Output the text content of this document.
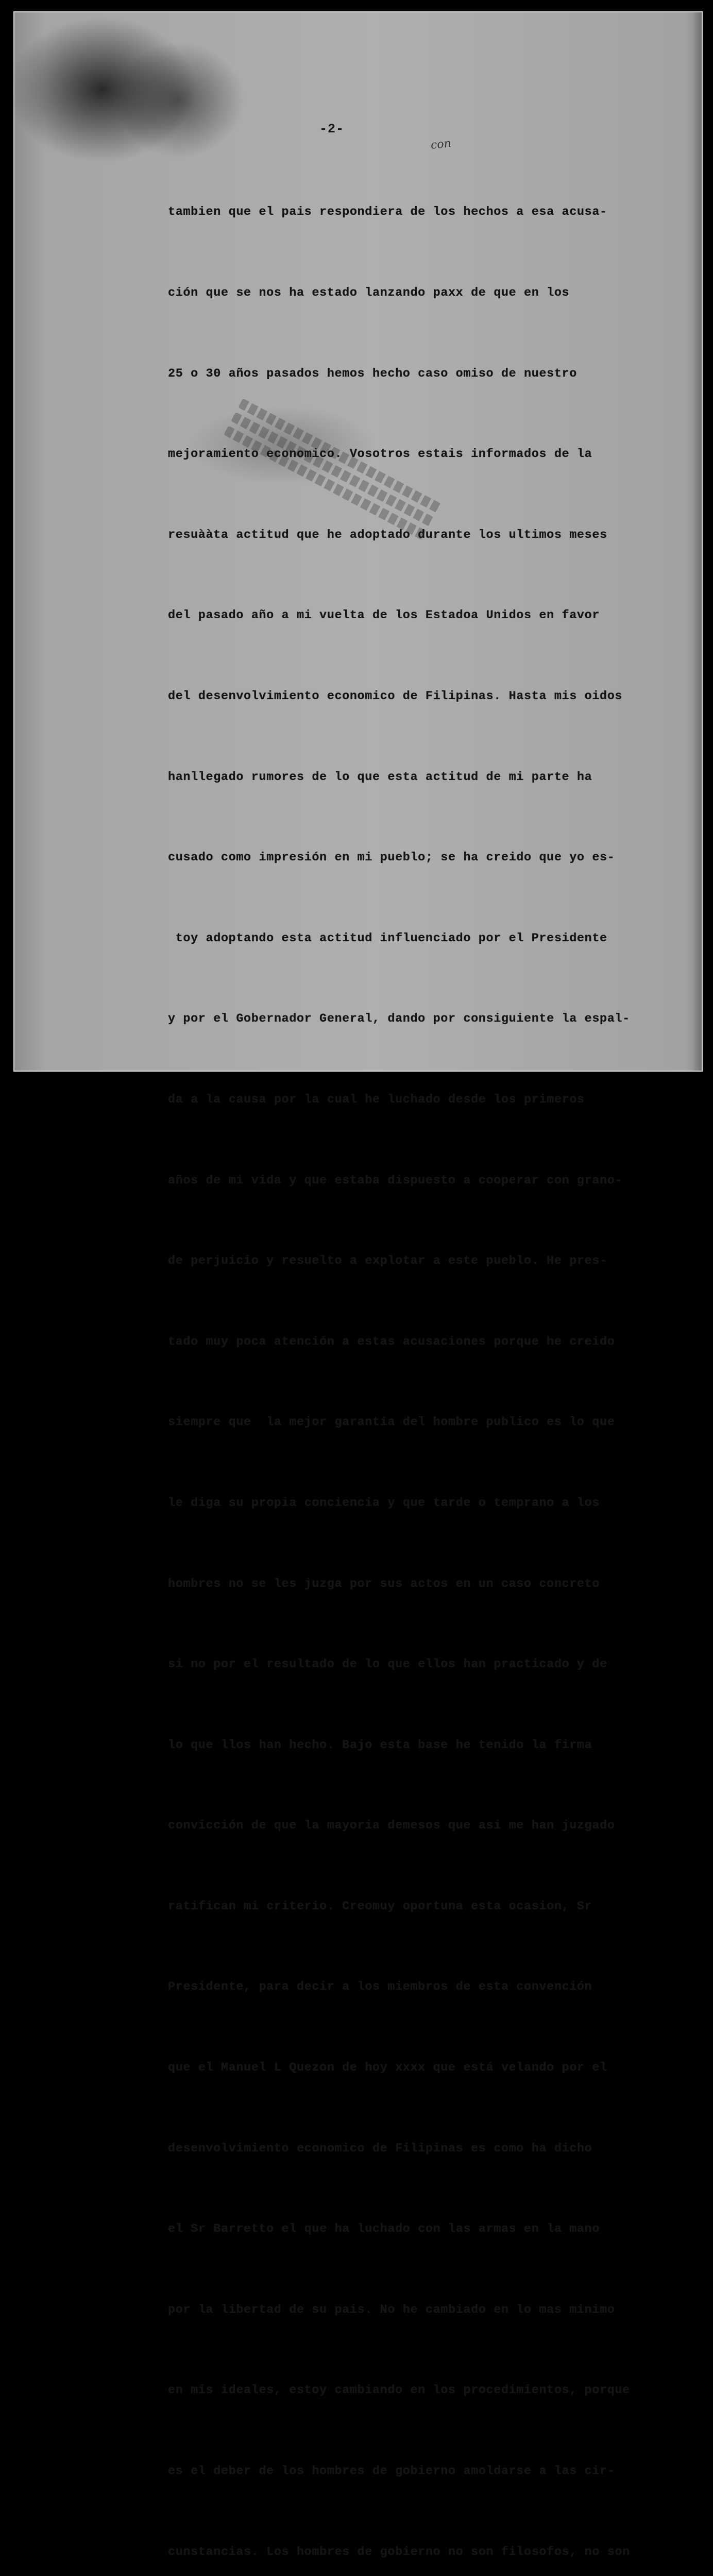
-2-
con

tambien que el pais respondiera de los hechos a esa acusa-

ción que se nos ha estado lanzando paxx de que en los

25 o 30 años pasados hemos hecho caso omiso de nuestro

mejoramiento economico. Vosotros estais informados de la

resuààta actitud que he adoptado durante los ultimos meses

del pasado año a mi vuelta de los Estadoa Unidos en favor

del desenvolvimiento economico de Filipinas. Hasta mis oidos

hanllegado rumores de lo que esta actitud de mi parte ha

cusado como impresión en mi pueblo; se ha creido que yo es-

toy adoptando esta actitud influenciado por el Presidente

y por el Gobernador General, dando por consiguiente la espal-

da a la causa por la cual he luchado desde los primeros

años de mi vida y que estaba dispuesto a cooperar con grano-

de perjuicio y resuelto a explotar a este pueblo. He pres-

tado muy poca atención a estas acusaciones porque he creido

siempre que  la mejor garantía del hombre publico es lo que

le diga su propia conciencia y que tarde o temprano a los

hombres no se les juzga por sus actos en un caso concreto

si no por el resultado de lo que ellos han practicado y de

lo que llos han hecho. Bajo esta base he tenido la firma

convicción de que la mayoria demesos que asi me han juzgado

ratifican mi criterio. Creomuy oportuna esta ocasion, Sr

Presidente, para decir a los miembros de esta convención

que el Manuel L Quezon de hoy xxxx que está velando por el

desenvolvimiento economico de Filipinas es como ha dicho

el Sr Barretto el que ha luchado con las armas en la mano

por la libertad de su pais. No he cambiado en lo mas minimo

en mis ideales, estoy cambiando en los procedimientos, porque

es el deber de los hombres de gobierno amoldarse a las cir-

cunstancias. Los hombres de gobierno no son filosofos, no son
